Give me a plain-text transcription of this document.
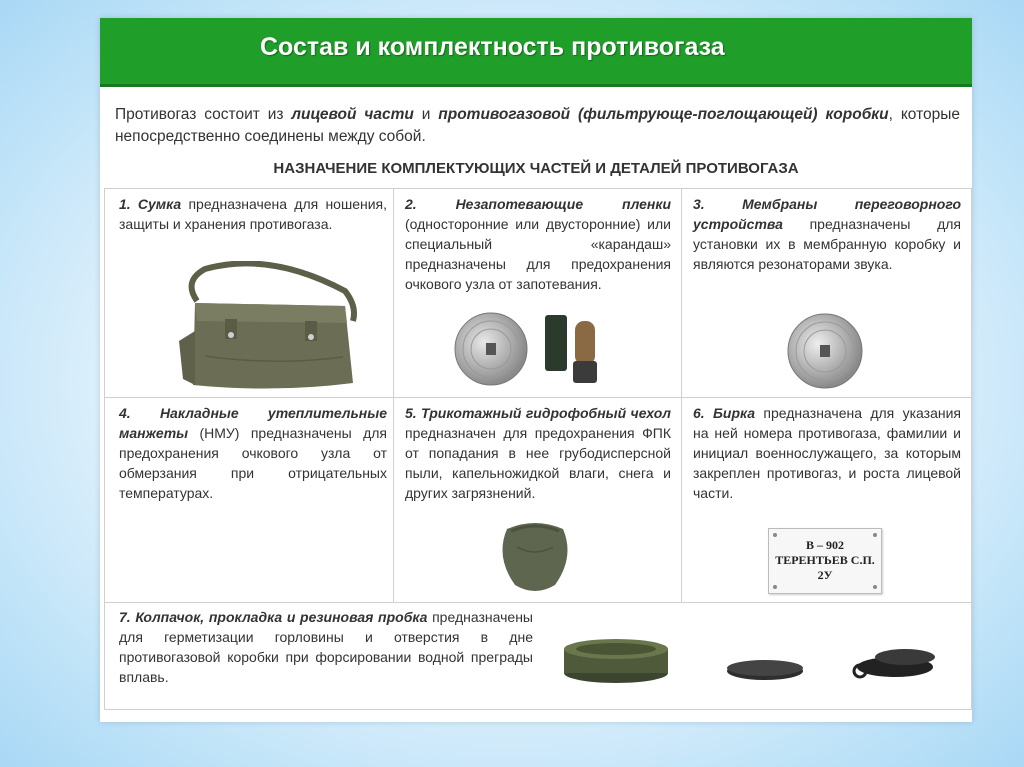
Состав и комплектность противогаза
Противогаз состоит из лицевой части и противогазовой (фильтрующе-поглощающей) коробки, которые непосредственно соединены между собой.
НАЗНАЧЕНИЕ КОМПЛЕКТУЮЩИХ ЧАСТЕЙ И ДЕТАЛЕЙ ПРОТИВОГАЗА
1. Сумка предназначена для ношения, защиты и хранения противогаза.
2. Незапотевающие пленки (односторонние или двусторонние) или специальный «карандаш» предназначены для предохранения очкового узла от запотевания.
3. Мембраны переговорного устройства предназначены для установки их в мембранную коробку и являются резонаторами звука.
4. Накладные утеплительные манжеты (НМУ) предназначены для предохранения очкового узла от обмерзания при отрицательных температурах.
5. Трикотажный гидрофобный чехол предназначен для предохранения ФПК от попадания в нее грубодисперсной пыли, капельножидкой влаги, снега и других загрязнений.
6. Бирка предназначена для указания на ней номера противогаза, фамилии и инициал военнослужащего, за которым закреплен противогаз, и роста лицевой части.
7. Колпачок, прокладка и резиновая пробка предназначены для герметизации горловины и отверстия в дне противогазовой коробки при форсировании водной преграды вплавь.
В – 902
ТЕРЕНТЬЕВ С.П.
2У
